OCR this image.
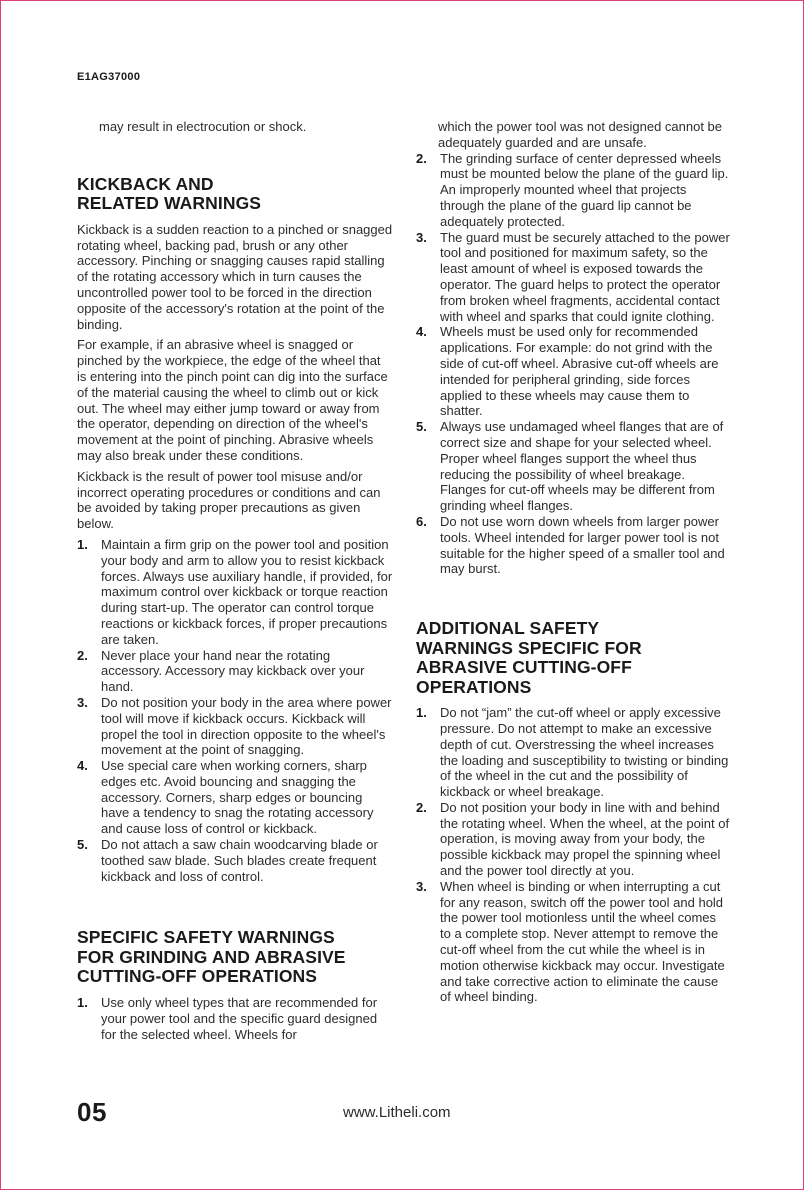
E1AG37000

may result in electrocution or shock.

KICKBACK AND
RELATED WARNINGS

Kickback is a sudden reaction to a pinched or snagged rotating wheel, backing pad, brush or any other accessory. Pinching or snagging causes rapid stalling of the rotating accessory which in turn causes the uncontrolled power tool to be forced in the direction opposite of the accessory's rotation at the point of the binding.

For example, if an abrasive wheel is snagged or pinched by the workpiece, the edge of the wheel that is entering into the pinch point can dig into the surface of the material causing the wheel to climb out or kick out. The wheel may either jump toward or away from the operator, depending on direction of the wheel's movement at the point of pinching. Abrasive wheels may also break under these conditions.

Kickback is the result of power tool misuse and/or incorrect operating procedures or conditions and can be avoided by taking proper precautions as given below.

1. Maintain a firm grip on the power tool and position your body and arm to allow you to resist kickback forces. Always use auxiliary handle, if provided, for maximum control over kickback or torque reaction during start-up. The operator can control torque reactions or kickback forces, if proper precautions are taken.
2. Never place your hand near the rotating accessory. Accessory may kickback over your hand.
3. Do not position your body in the area where power tool will move if kickback occurs. Kickback will propel the tool in direction opposite to the wheel's movement at the point of snagging.
4. Use special care when working corners, sharp edges etc. Avoid bouncing and snagging the accessory. Corners, sharp edges or bouncing have a tendency to snag the rotating accessory and cause loss of control or kickback.
5. Do not attach a saw chain woodcarving blade or toothed saw blade. Such blades create frequent kickback and loss of control.
SPECIFIC SAFETY WARNINGS
FOR GRINDING AND ABRASIVE
CUTTING-OFF OPERATIONS
1. Use only wheel types that are recommended for your power tool and the specific guard designed for the selected wheel. Wheels for

which the power tool was not designed cannot be adequately guarded and are unsafe.

2. The grinding surface of center depressed wheels must be mounted below the plane of the guard lip. An improperly mounted wheel that projects through the plane of the guard lip cannot be adequately protected.
3. The guard must be securely attached to the power tool and positioned for maximum safety, so the least amount of wheel is exposed towards the operator. The guard helps to protect the operator from broken wheel fragments, accidental contact with wheel and sparks that could ignite clothing.
4. Wheels must be used only for recommended applications. For example: do not grind with the side of cut-off wheel. Abrasive cut-off wheels are intended for peripheral grinding, side forces applied to these wheels may cause them to shatter.
5. Always use undamaged wheel flanges that are of correct size and shape for your selected wheel. Proper wheel flanges support the wheel thus reducing the possibility of wheel breakage. Flanges for cut-off wheels may be different from grinding wheel flanges.
6. Do not use worn down wheels from larger power tools. Wheel intended for larger power tool is not suitable for the higher speed of a smaller tool and may burst.
ADDITIONAL SAFETY
WARNINGS SPECIFIC FOR
ABRASIVE CUTTING-OFF
OPERATIONS
1. Do not “jam” the cut-off wheel or apply excessive pressure. Do not attempt to make an excessive depth of cut. Overstressing the wheel increases the loading and susceptibility to twisting or binding of the wheel in the cut and the possibility of kickback or wheel breakage.
2. Do not position your body in line with and behind the rotating wheel. When the wheel, at the point of operation, is moving away from your body, the possible kickback may propel the spinning wheel and the power tool directly at you.
3. When wheel is binding or when interrupting a cut for any reason, switch off the power tool and hold the power tool motionless until the wheel comes to a complete stop. Never attempt to remove the cut-off wheel from the cut while the wheel is in motion otherwise kickback may occur. Investigate and take corrective action to eliminate the cause of wheel binding.
05	www.Litheli.com
